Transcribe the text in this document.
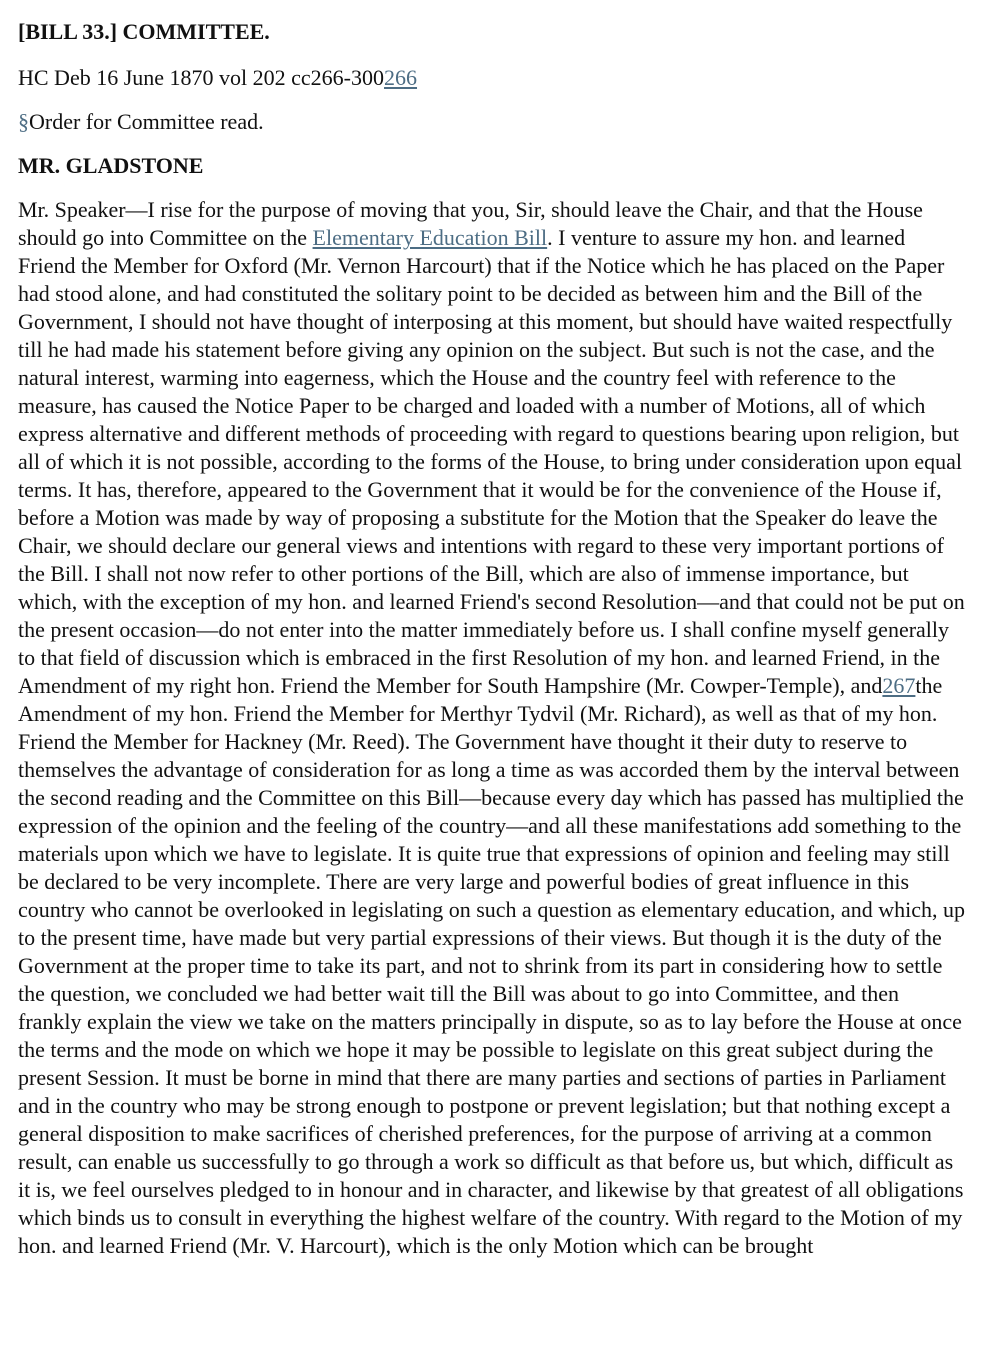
[BILL 33.] COMMITTEE.

HC Deb 16 June 1870 vol 202 cc266-300266

§Order for Committee read.

MR. GLADSTONE

Mr. Speaker—I rise for the purpose of moving that you, Sir, should leave the Chair, and that the House should go into Committee on the Elementary Education Bill. I venture to assure my hon. and learned Friend the Member for Oxford (Mr. Vernon Harcourt) that if the Notice which he has placed on the Paper had stood alone, and had constituted the solitary point to be decided as between him and the Bill of the Government, I should not have thought of interposing at this moment, but should have waited respectfully till he had made his statement before giving any opinion on the subject. But such is not the case, and the natural interest, warming into eagerness, which the House and the country feel with reference to the measure, has caused the Notice Paper to be charged and loaded with a number of Motions, all of which express alternative and different methods of proceeding with regard to questions bearing upon religion, but all of which it is not possible, according to the forms of the House, to bring under consideration upon equal terms. It has, therefore, appeared to the Government that it would be for the convenience of the House if, before a Motion was made by way of proposing a substitute for the Motion that the Speaker do leave the Chair, we should declare our general views and intentions with regard to these very important portions of the Bill. I shall not now refer to other portions of the Bill, which are also of immense importance, but which, with the exception of my hon. and learned Friend's second Resolution—and that could not be put on the present occasion—do not enter into the matter immediately before us. I shall confine myself generally to that field of discussion which is embraced in the first Resolution of my hon. and learned Friend, in the Amendment of my right hon. Friend the Member for South Hampshire (Mr. Cowper-Temple), and267the Amendment of my hon. Friend the Member for Merthyr Tydvil (Mr. Richard), as well as that of my hon. Friend the Member for Hackney (Mr. Reed). The Government have thought it their duty to reserve to themselves the advantage of consideration for as long a time as was accorded them by the interval between the second reading and the Committee on this Bill—because every day which has passed has multiplied the expression of the opinion and the feeling of the country—and all these manifestations add something to the materials upon which we have to legislate. It is quite true that expressions of opinion and feeling may still be declared to be very incomplete. There are very large and powerful bodies of great influence in this country who cannot be overlooked in legislating on such a question as elementary education, and which, up to the present time, have made but very partial expressions of their views. But though it is the duty of the Government at the proper time to take its part, and not to shrink from its part in considering how to settle the question, we concluded we had better wait till the Bill was about to go into Committee, and then frankly explain the view we take on the matters principally in dispute, so as to lay before the House at once the terms and the mode on which we hope it may be possible to legislate on this great subject during the present Session. It must be borne in mind that there are many parties and sections of parties in Parliament and in the country who may be strong enough to postpone or prevent legislation; but that nothing except a general disposition to make sacrifices of cherished preferences, for the purpose of arriving at a common result, can enable us successfully to go through a work so difficult as that before us, but which, difficult as it is, we feel ourselves pledged to in honour and in character, and likewise by that greatest of all obligations which binds us to consult in everything the highest welfare of the country. With regard to the Motion of my hon. and learned Friend (Mr. V. Harcourt), which is the only Motion which can be brought
